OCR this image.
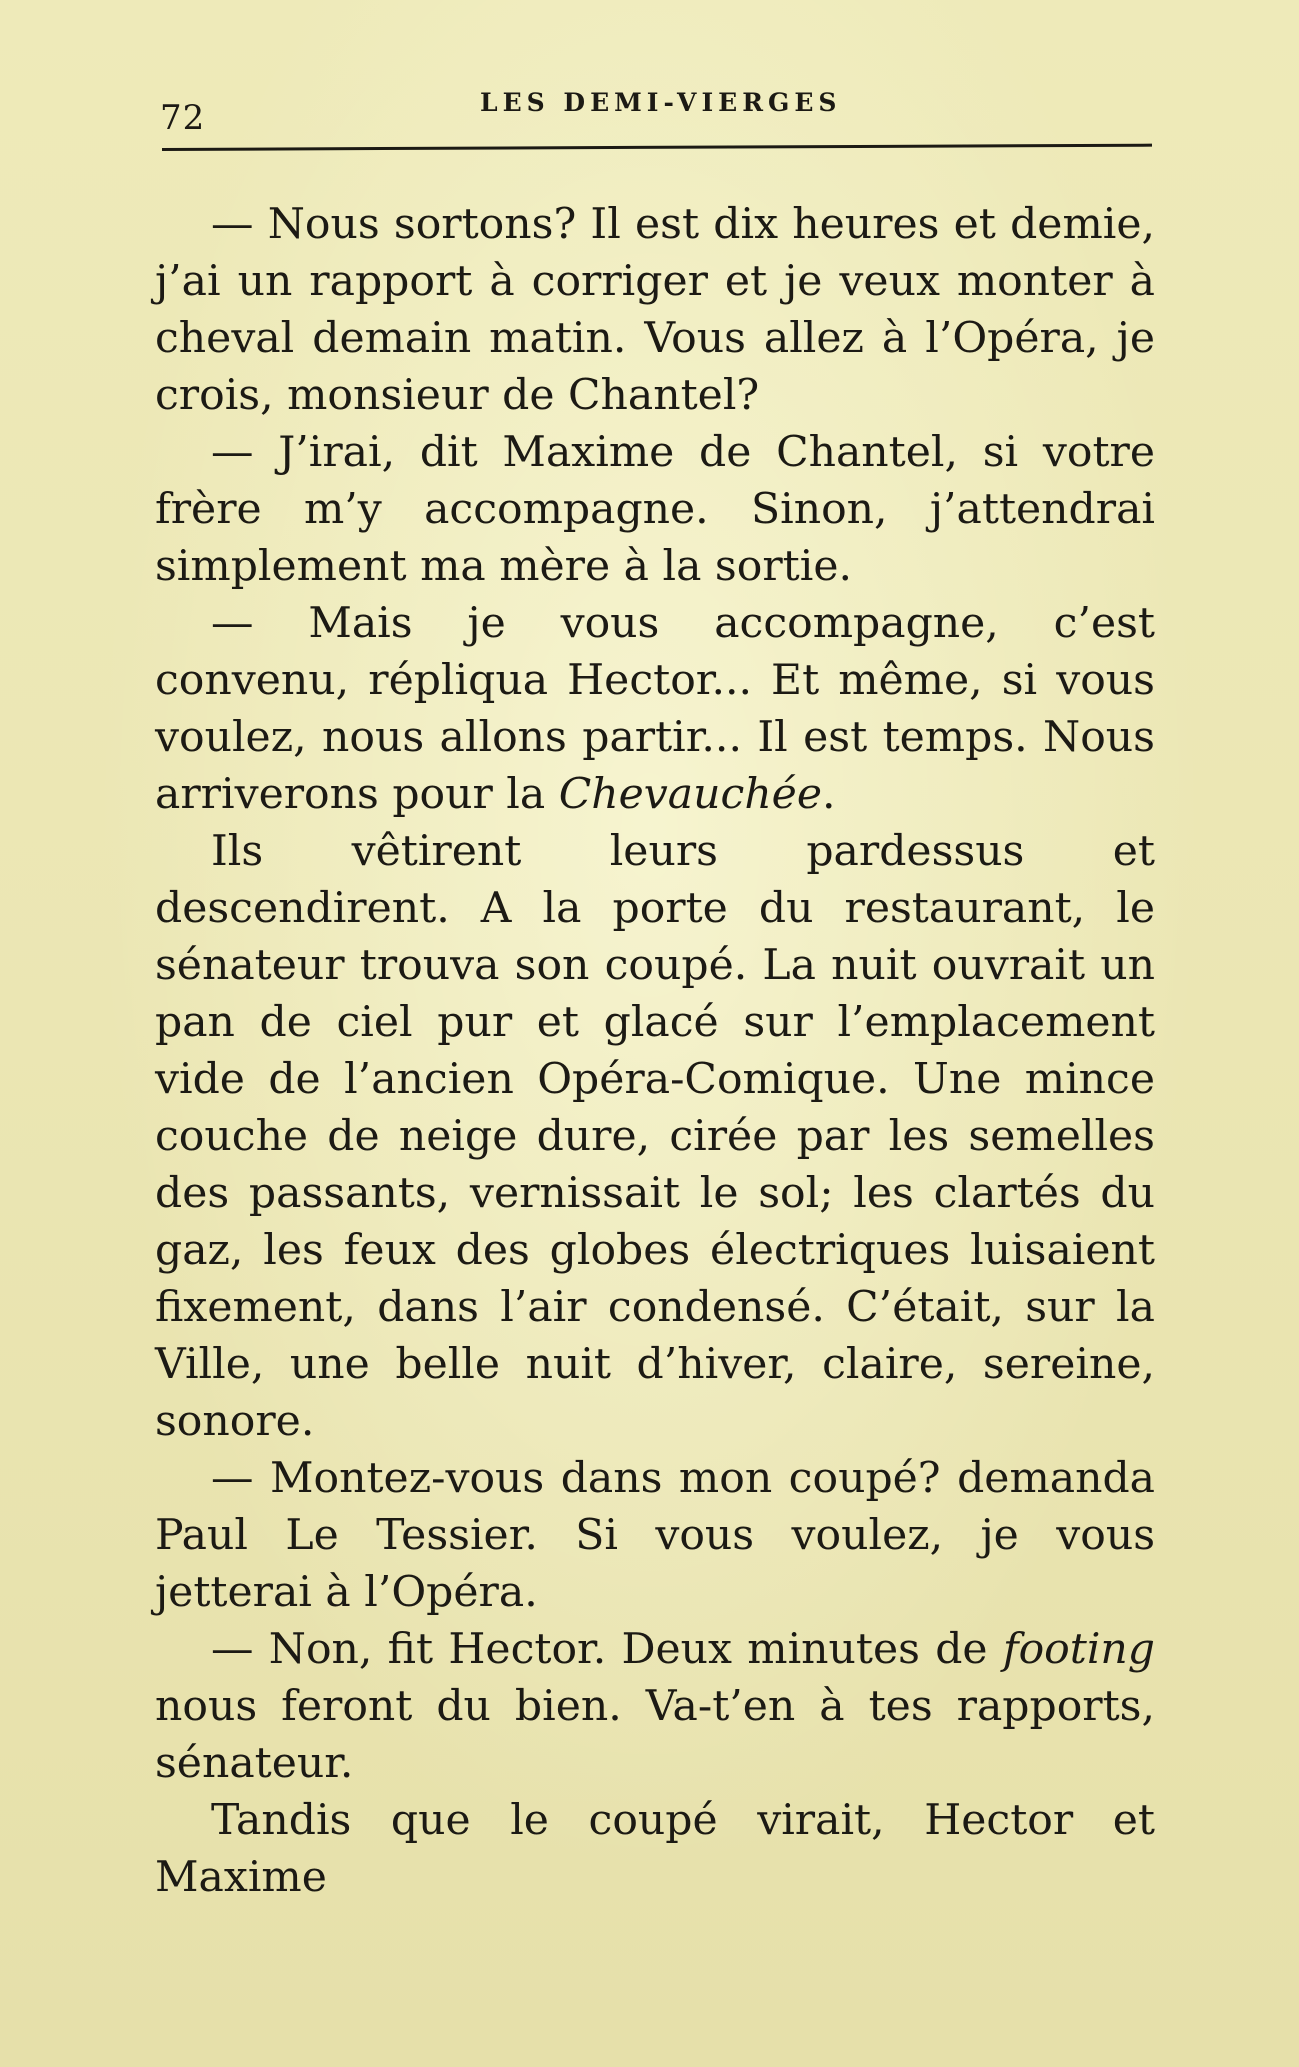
72	LES DEMI-VIERGES

— Nous sortons? Il est dix heures et demie, j’ai un rapport à corriger et je veux monter à cheval demain matin. Vous allez à l’Opéra, je crois, monsieur de Chantel?

— J’irai, dit Maxime de Chantel, si votre frère m’y accompagne. Sinon, j’attendrai simplement ma mère à la sortie.

— Mais je vous accompagne, c’est convenu, répliqua Hector... Et même, si vous voulez, nous allons partir... Il est temps. Nous arriverons pour la Chevauchée.

Ils vêtirent leurs pardessus et descendirent. A la porte du restaurant, le sénateur trouva son coupé. La nuit ouvrait un pan de ciel pur et glacé sur l’emplacement vide de l’ancien Opéra-Comique. Une mince couche de neige dure, cirée par les semelles des passants, vernissait le sol; les clartés du gaz, les feux des globes électriques luisaient fixement, dans l’air condensé. C’était, sur la Ville, une belle nuit d’hiver, claire, sereine, sonore.

— Montez-vous dans mon coupé? demanda Paul Le Tessier. Si vous voulez, je vous jetterai à l’Opéra.

— Non, fit Hector. Deux minutes de footing nous feront du bien. Va-t’en à tes rapports, sénateur.

Tandis que le coupé virait, Hector et Maxime
